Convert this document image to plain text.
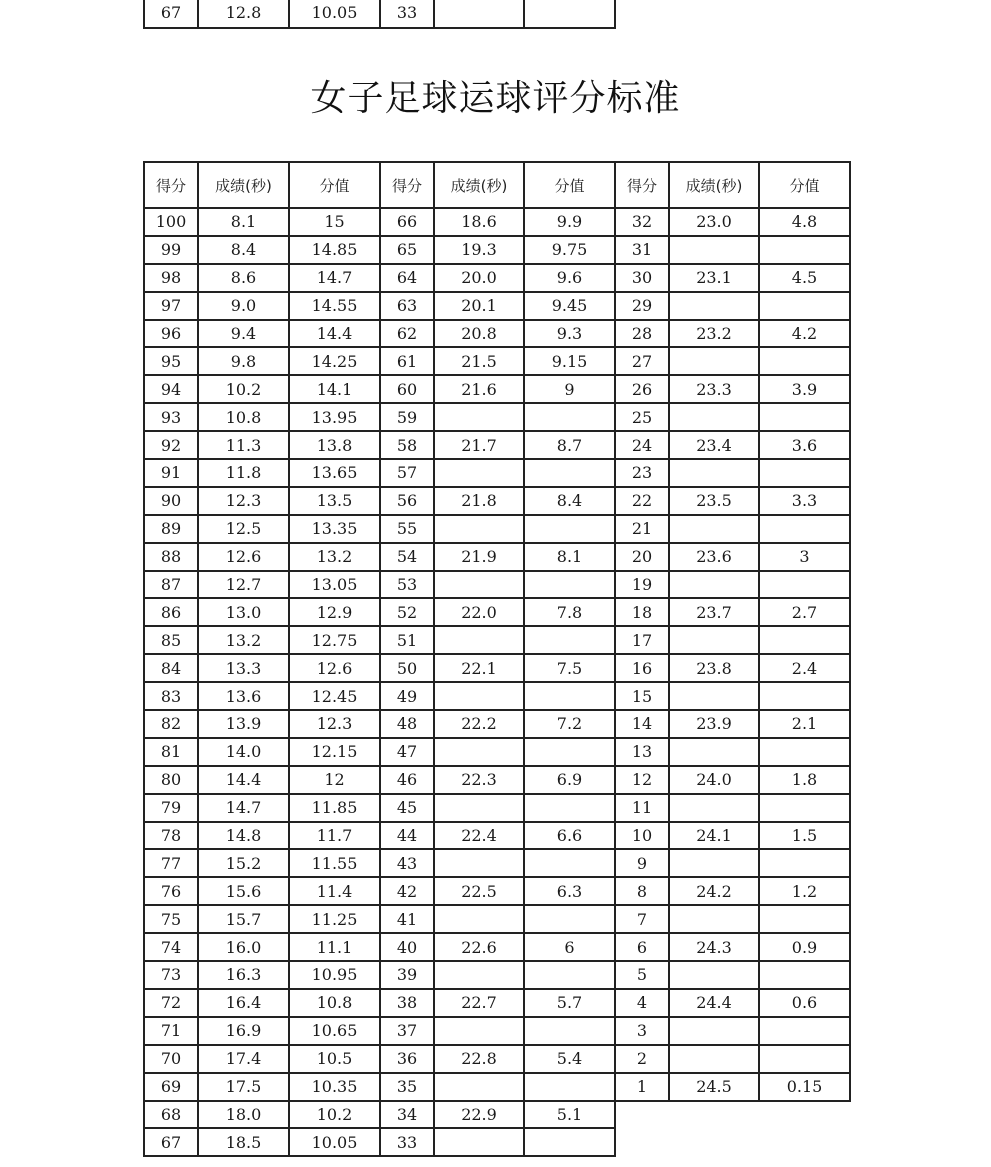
67	12.8	10.05	33		
女子足球运球评分标准
得分	成绩(秒)	分值	得分	成绩(秒)	分值	得分	成绩(秒)	分值
100	8.1	15	66	18.6	9.9	32	23.0	4.8
99	8.4	14.85	65	19.3	9.75	31		
98	8.6	14.7	64	20.0	9.6	30	23.1	4.5
97	9.0	14.55	63	20.1	9.45	29		
96	9.4	14.4	62	20.8	9.3	28	23.2	4.2
95	9.8	14.25	61	21.5	9.15	27		
94	10.2	14.1	60	21.6	9	26	23.3	3.9
93	10.8	13.95	59			25		
92	11.3	13.8	58	21.7	8.7	24	23.4	3.6
91	11.8	13.65	57			23		
90	12.3	13.5	56	21.8	8.4	22	23.5	3.3
89	12.5	13.35	55			21		
88	12.6	13.2	54	21.9	8.1	20	23.6	3
87	12.7	13.05	53			19		
86	13.0	12.9	52	22.0	7.8	18	23.7	2.7
85	13.2	12.75	51			17		
84	13.3	12.6	50	22.1	7.5	16	23.8	2.4
83	13.6	12.45	49			15		
82	13.9	12.3	48	22.2	7.2	14	23.9	2.1
81	14.0	12.15	47			13		
80	14.4	12	46	22.3	6.9	12	24.0	1.8
79	14.7	11.85	45			11		
78	14.8	11.7	44	22.4	6.6	10	24.1	1.5
77	15.2	11.55	43			9		
76	15.6	11.4	42	22.5	6.3	8	24.2	1.2
75	15.7	11.25	41			7		
74	16.0	11.1	40	22.6	6	6	24.3	0.9
73	16.3	10.95	39			5		
72	16.4	10.8	38	22.7	5.7	4	24.4	0.6
71	16.9	10.65	37			3		
70	17.4	10.5	36	22.8	5.4	2		
69	17.5	10.35	35			1	24.5	0.15
68	18.0	10.2	34	22.9	5.1			
67	18.5	10.05	33					
